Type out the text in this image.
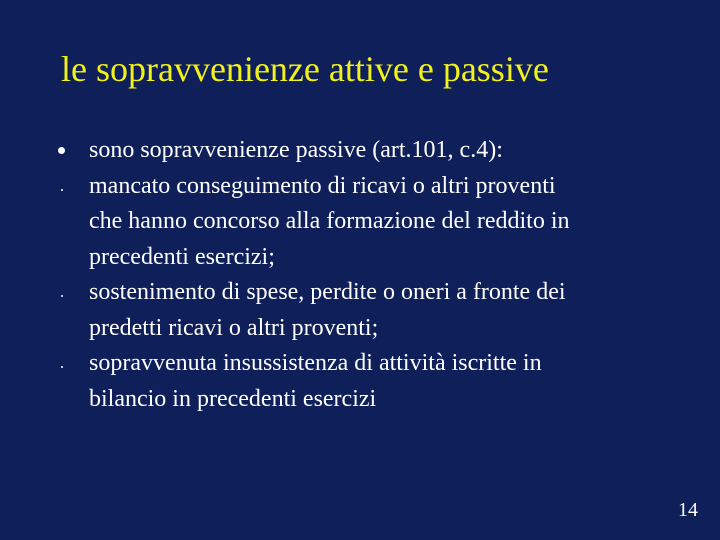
le sopravvenienze attive e passive
sono sopravvenienze passive (art.101, c.4):
mancato conseguimento di ricavi o altri proventi
che hanno concorso alla formazione del reddito in
precedenti esercizi;
sostenimento di spese, perdite o oneri a fronte dei
predetti ricavi o altri proventi;
sopravvenuta insussistenza di attività iscritte in
bilancio in precedenti esercizi
14
